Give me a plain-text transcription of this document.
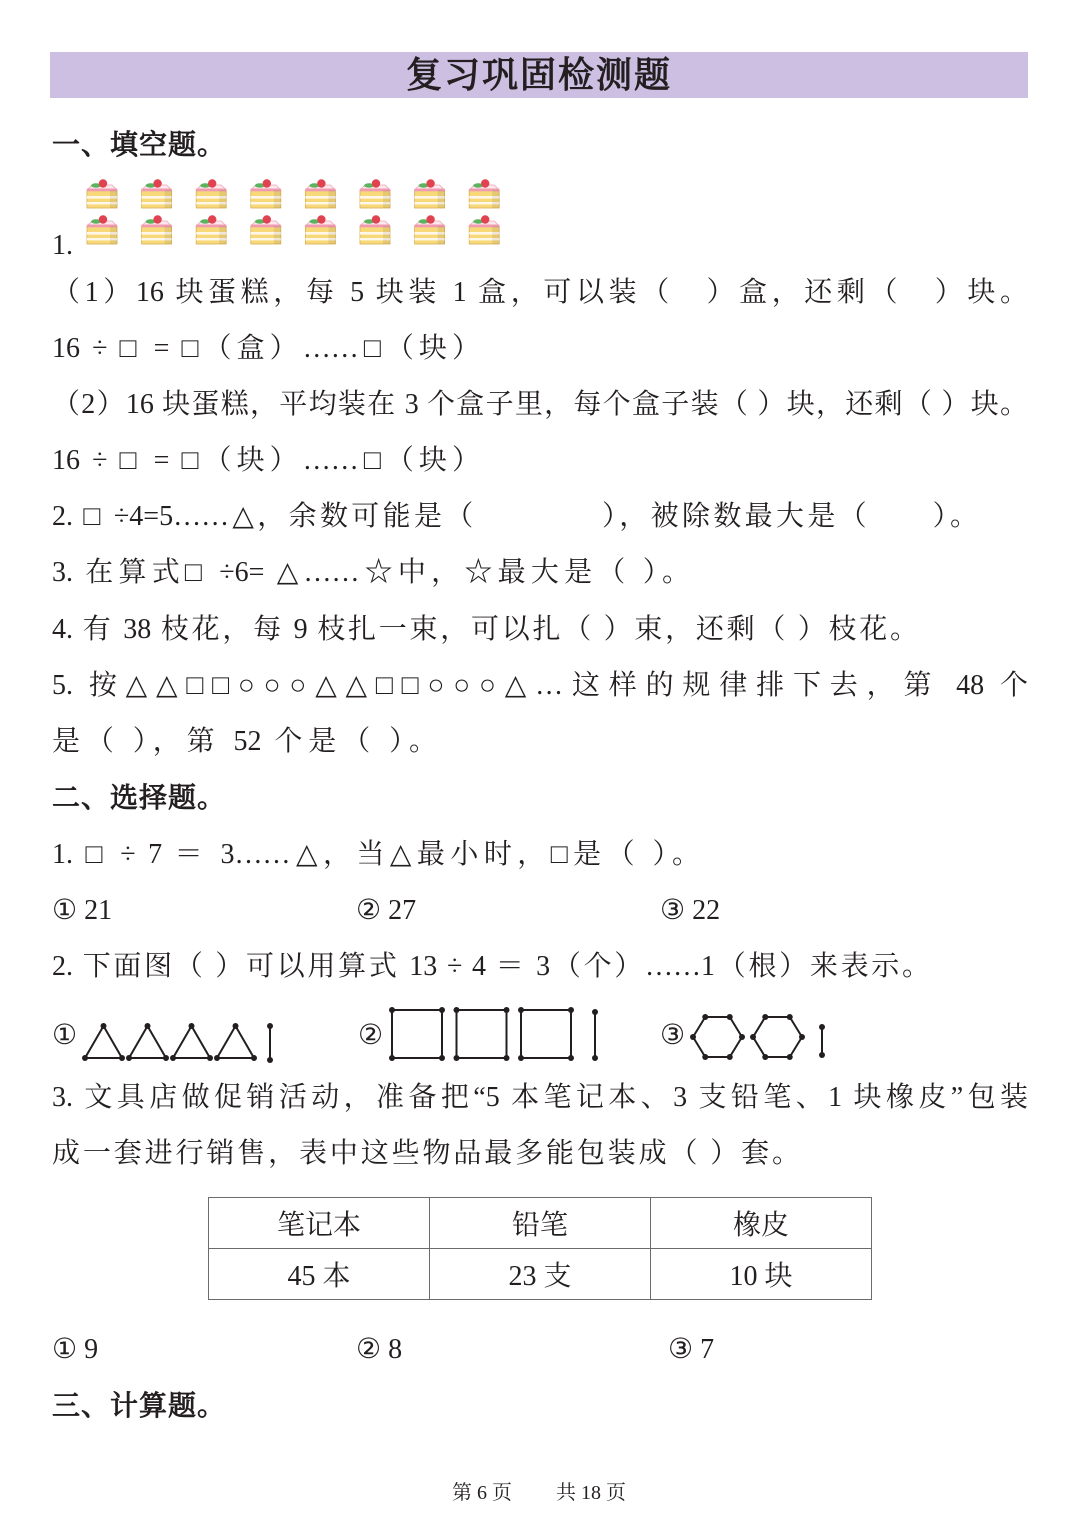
复习巩固检测题
一、填空题。
1.
（1）16 块蛋糕，每 5 块装 1 盒，可以装（　）盒，还剩（　）块。
16 ÷ □ = □（盒）……□（块）
（2）16 块蛋糕，平均装在 3 个盒子里，每个盒子装（ ）块，还剩（ ）块。
16 ÷ □ = □（块）……□（块）
2. □ ÷4=5……△，余数可能是（　　　　），被除数最大是（　　）。
3. 在算式□ ÷6= △……☆中，☆最大是（ ）。
4. 有 38 枝花，每 9 枝扎一束，可以扎（ ）束，还剩（ ）枝花。
5. 按△△□□○○○△△□□○○○△…这样的规律排下去，第 48 个
是（ ），第 52 个是（ ）。
二、选择题。
1. □ ÷ 7 ＝ 3……△，当△最小时，□是（ ）。
① 21	② 27	③ 22
2. 下面图（ ）可以用算式 13 ÷ 4 ＝ 3（个）……1（根）来表示。
①	②	③
3. 文具店做促销活动，准备把“5 本笔记本、3 支铅笔、1 块橡皮”包装
成一套进行销售，表中这些物品最多能包装成（ ）套。
笔记本	铅笔	橡皮
45 本	23 支	10 块
① 9	② 8	③ 7
三、计算题。
第 6 页 共 18 页
